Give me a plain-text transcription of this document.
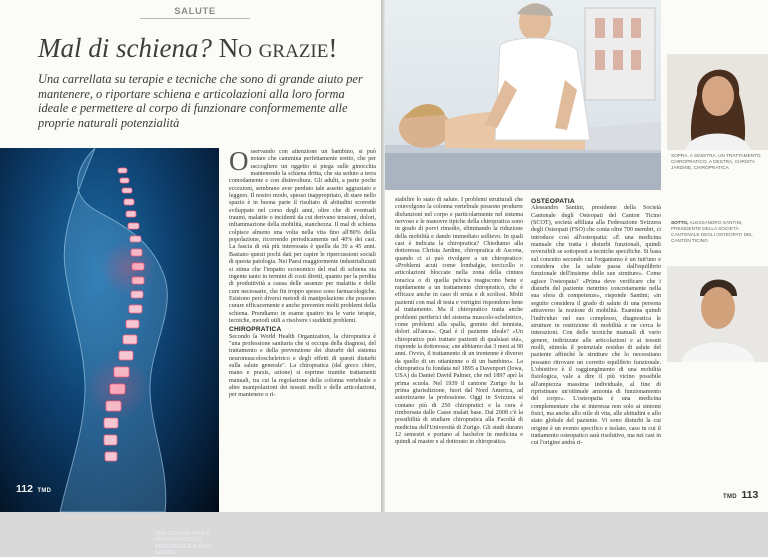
SALUTE
Mal di schiena? No grazie!
Una carrellata su terapie e tecniche che sono di grande aiuto per mantenere, o riportare schiena e articolazioni alla loro forma ideale e permettere al corpo di funzionare conformemente alle proprie naturali potenzialità
UNA SCHIENA SANA È PRESUPPOSTO DI BENESSERE E BUONA SALUTE

O sservando con attenzione un bambino, si può notare che cammina perfettamente eretto, che per raccogliere un oggetto si piega sulle ginocchia mantenendo la schiena dritta, che sta seduto a terra comodamente e con disinvoltura. Gli adulti, a parte poche eccezioni, sembrano aver perduto tale assetto aggraziato e leggero. Il nostro modo, spesso inappropriato, di stare nello spazio è in buona parte il risultato di abitudini scorrette sviluppate nel corso degli anni, oltre che di eventuali traumi, malattie o incidenti da cui derivano tensioni, dolori, infiammazione della mobilità, stanchezza. Il mal di schiena colpisce almeno una volta nella vita fino all'80% della popolazione, ricorrendo periodicamente nel 40% dei casi. La fascia di età più interessata è quella da 30 a 45 anni. Bastano questi pochi dati per capire le ripercussioni sociali di questa patologia. Nei Paesi maggiormente industrializzati si stima che l'impatto economico del mal di schiena sia ingente tanto in termini di costi diretti, quanto per la perdita di produttività a causa delle assenze per malattia e delle cure necessarie, che fin troppo spesso sono farmacologiche. Esistono però diversi metodi di manipolazione che possono curare efficacemente e anche prevenire molti problemi della schiena. Prendiamo in esame quattro tra le varie terapie, tecniche, metodi utili a risolvere i suddetti problemi.

CHIROPRATICA

Secondo la World Health Organization, la chiropratica è "una professione sanitaria che si occupa della diagnosi, del trattamento e della prevenzione dei disturbi del sistema neuromuscoloscheletrico e degli effetti di questi disturbi sulla salute generale". La chiropratica (dal greco chiro, mano e praxis, azione) si esprime tramite trattamenti manuali, tra cui la regolazione della colonna vertebrale e altre manipolazioni dei tessuti molli e delle articolazioni, per mantenere o ri-

112 TMD
SOPRA, A SINISTRA, UN TRATTAMENTO CHIROPRATICO. A DESTRA, CHRISTA JARDINE, CHIROPRATICA
SOTTO, ALESSANDRO SANTINI, PRESIDENTE DELLA SOCIETÀ CANTONALE DEGLI OSTEOPATI DEL CANTON TICINO
stabilire lo stato di salute. I problemi strutturali che coinvolgono la colonna vertebrale possono produrre disfunzioni nel corpo e particolarmente nel sistema nervoso e le manovre tipiche della chiropratica sono in grado di porvi rimedio, eliminando la riduzione della mobilità e dando immediato sollievo. In quali casi è indicata la chiropratica? Chiediamo alla dottoressa Christa Jardine, chiropratica di Ascona, quando ci si può rivolgere a un chiropratico: «Problemi acuti come lombalgie, torcicollo o articolazioni bloccate nella zona della cintura toracica o di quella pelvica reagiscono bene e rapidamente a un trattamento chiropratico, che è efficace anche in caso di ernia e di scoliosi. Molti pazienti con mal di testa e vertigini rispondono bene al trattamento. Ma il chiropratico tratta anche problemi periferici del sistema muscolo-scheletrico, come problemi alla spalla, gomito del tennista, dolori all'anca». Qual è il paziente ideale? «Un chiropratico può trattare pazienti di qualsiasi età», risponde la dottoressa; «ne abbiamo dai 3 mesi ai 90 anni. Ovvio, il trattamento di un trentenne è diverso da quello di un ottantenne o di un bambino». La chiropratica fu fondata nel 1895 a Davenport (Iowa, USA) da Daniel David Palmer, che nel 1897 aprì la prima scuola. Nel 1939 il cantone Zurigo fu la prima giurisdizione, fuori dal Nord America, ad autorizzarne la professione. Oggi in Svizzera si contano più di 250 chiropratici e la cura è rimborsata dalle Casse malati base. Dal 2008 c'è la possibilità di studiare chiropratica alla Facoltà di medicina dell'Università di Zurigo. Gli studi durano 12 semestri e portano al bachelor in medicina e quindi al master e al dottorato in chiropratica.
OSTEOPATIA

Alessandro Santini, presidente della Società Cantonale degli Osteopati del Canton Ticino (SCOT), società affiliata alla Federazione Svizzera degli Osteopati (FSO) che conta oltre 700 membri, ci introduce così all'osteopatia: «È una medicina manuale che tratta i disturbi funzionali, quindi reversibili se sottoposti a tecniche specifiche. Si basa sul concetto secondo cui l'organismo è un tutt'uno e considera che la salute passa dall'equilibrio funzionale dell'insieme delle sue strutture». Come agisce l'osteopata? «Prima deve verificare che i disturbi del paziente rientrino concretamente nella sua sfera di competenze», risponde Santini; «in seguito considera il grado di salute di una persona attraverso la nozione di mobilità. Esamina quindi l'individuo nel suo complesso, diagnostica le strutture in restrizione di mobilità e ne cerca le interazioni. Con delle tecniche manuali di vario genere, indirizzate alle articolazioni e ai tessuti molli, stimola il potenziale residuo di salute del paziente affinché le strutture che lo necessitano possano ritrovare un corretto equilibrio funzionale. L'obiettivo è il raggiungimento di una mobilità fisiologica, vale a dire il più vicino possibile all'ampiezza massima individuale, al fine di ripristinare un'ottimale armonia di funzionamento del corpo». L'osteopatia è una medicina complementare che si interessa non solo ai sintomi fisici, ma anche allo stile di vita, alle abitudini e allo stato globale del paziente. Vi sono disturbi la cui origine è un evento specifico e isolato, caso in cui il trattamento osteopatico sarà risolutivo, ma nei casi in cui l'origine andrà ri-

TMD 113
